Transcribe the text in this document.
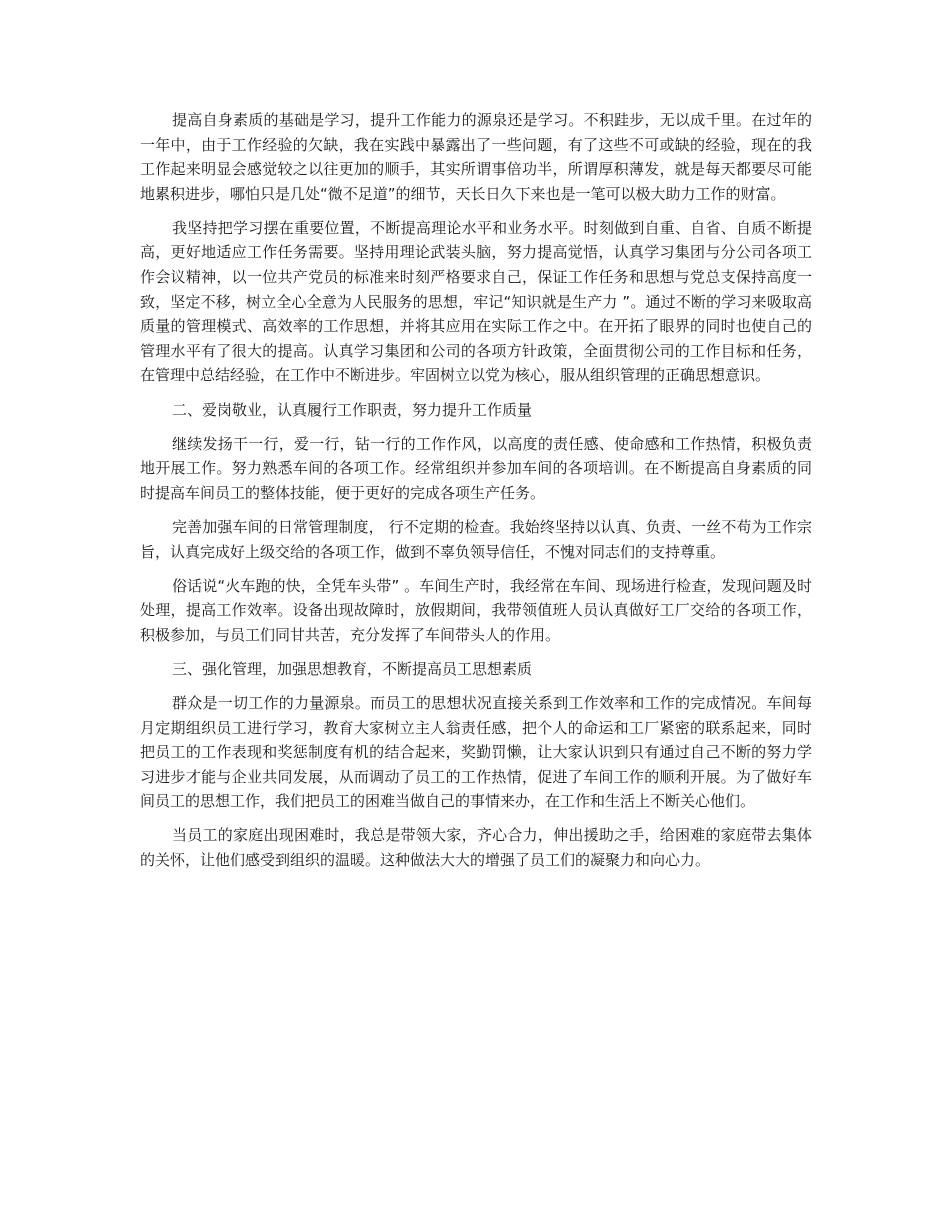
提高自身素质的基础是学习，提升工作能力的源泉还是学习。不积跬步，无以成千里。在过年的一年中，由于工作经验的欠缺，我在实践中暴露出了一些问题，有了这些不可或缺的经验，现在的我工作起来明显会感觉较之以往更加的顺手，其实所谓事倍功半，所谓厚积薄发，就是每天都要尽可能地累积进步，哪怕只是几处“微不足道”的细节，天长日久下来也是一笔可以极大助力工作的财富。

我坚持把学习摆在重要位置，不断提高理论水平和业务水平。时刻做到自重、自省、自质不断提高，更好地适应工作任务需要。坚持用理论武装头脑，努力提高觉悟，认真学习集团与分公司各项工作会议精神，以一位共产党员的标准来时刻严格要求自己，保证工作任务和思想与党总支保持高度一致，坚定不移，树立全心全意为人民服务的思想，牢记“知识就是生产力 ”。通过不断的学习来吸取高质量的管理模式、高效率的工作思想，并将其应用在实际工作之中。在开拓了眼界的同时也使自己的管理水平有了很大的提高。认真学习集团和公司的各项方针政策，全面贯彻公司的工作目标和任务，在管理中总结经验，在工作中不断进步。牢固树立以党为核心，服从组织管理的正确思想意识。

二、爱岗敬业，认真履行工作职责，努力提升工作质量

继续发扬干一行，爱一行，钻一行的工作作风，以高度的责任感、使命感和工作热情，积极负责地开展工作。努力熟悉车间的各项工作。经常组织并参加车间的各项培训。在不断提高自身素质的同时提高车间员工的整体技能，便于更好的完成各项生产任务。

完善加强车间的日常管理制度， 行不定期的检查。我始终坚持以认真、负责、一丝不苟为工作宗旨，认真完成好上级交给的各项工作，做到不辜负领导信任，不愧对同志们的支持尊重。

俗话说“火车跑的快，全凭车头带” 。车间生产时，我经常在车间、现场进行检查，发现问题及时处理，提高工作效率。设备出现故障时，放假期间，我带领值班人员认真做好工厂交给的各项工作，积极参加，与员工们同甘共苦，充分发挥了车间带头人的作用。

三、强化管理，加强思想教育，不断提高员工思想素质

群众是一切工作的力量源泉。而员工的思想状况直接关系到工作效率和工作的完成情况。车间每月定期组织员工进行学习，教育大家树立主人翁责任感，把个人的命运和工厂紧密的联系起来，同时把员工的工作表现和奖惩制度有机的结合起来，奖勤罚懒，让大家认识到只有通过自己不断的努力学习进步才能与企业共同发展，从而调动了员工的工作热情，促进了车间工作的顺利开展。为了做好车间员工的思想工作，我们把员工的困难当做自己的事情来办，在工作和生活上不断关心他们。

当员工的家庭出现困难时，我总是带领大家，齐心合力，伸出援助之手，给困难的家庭带去集体的关怀，让他们感受到组织的温暖。这种做法大大的增强了员工们的凝聚力和向心力。
